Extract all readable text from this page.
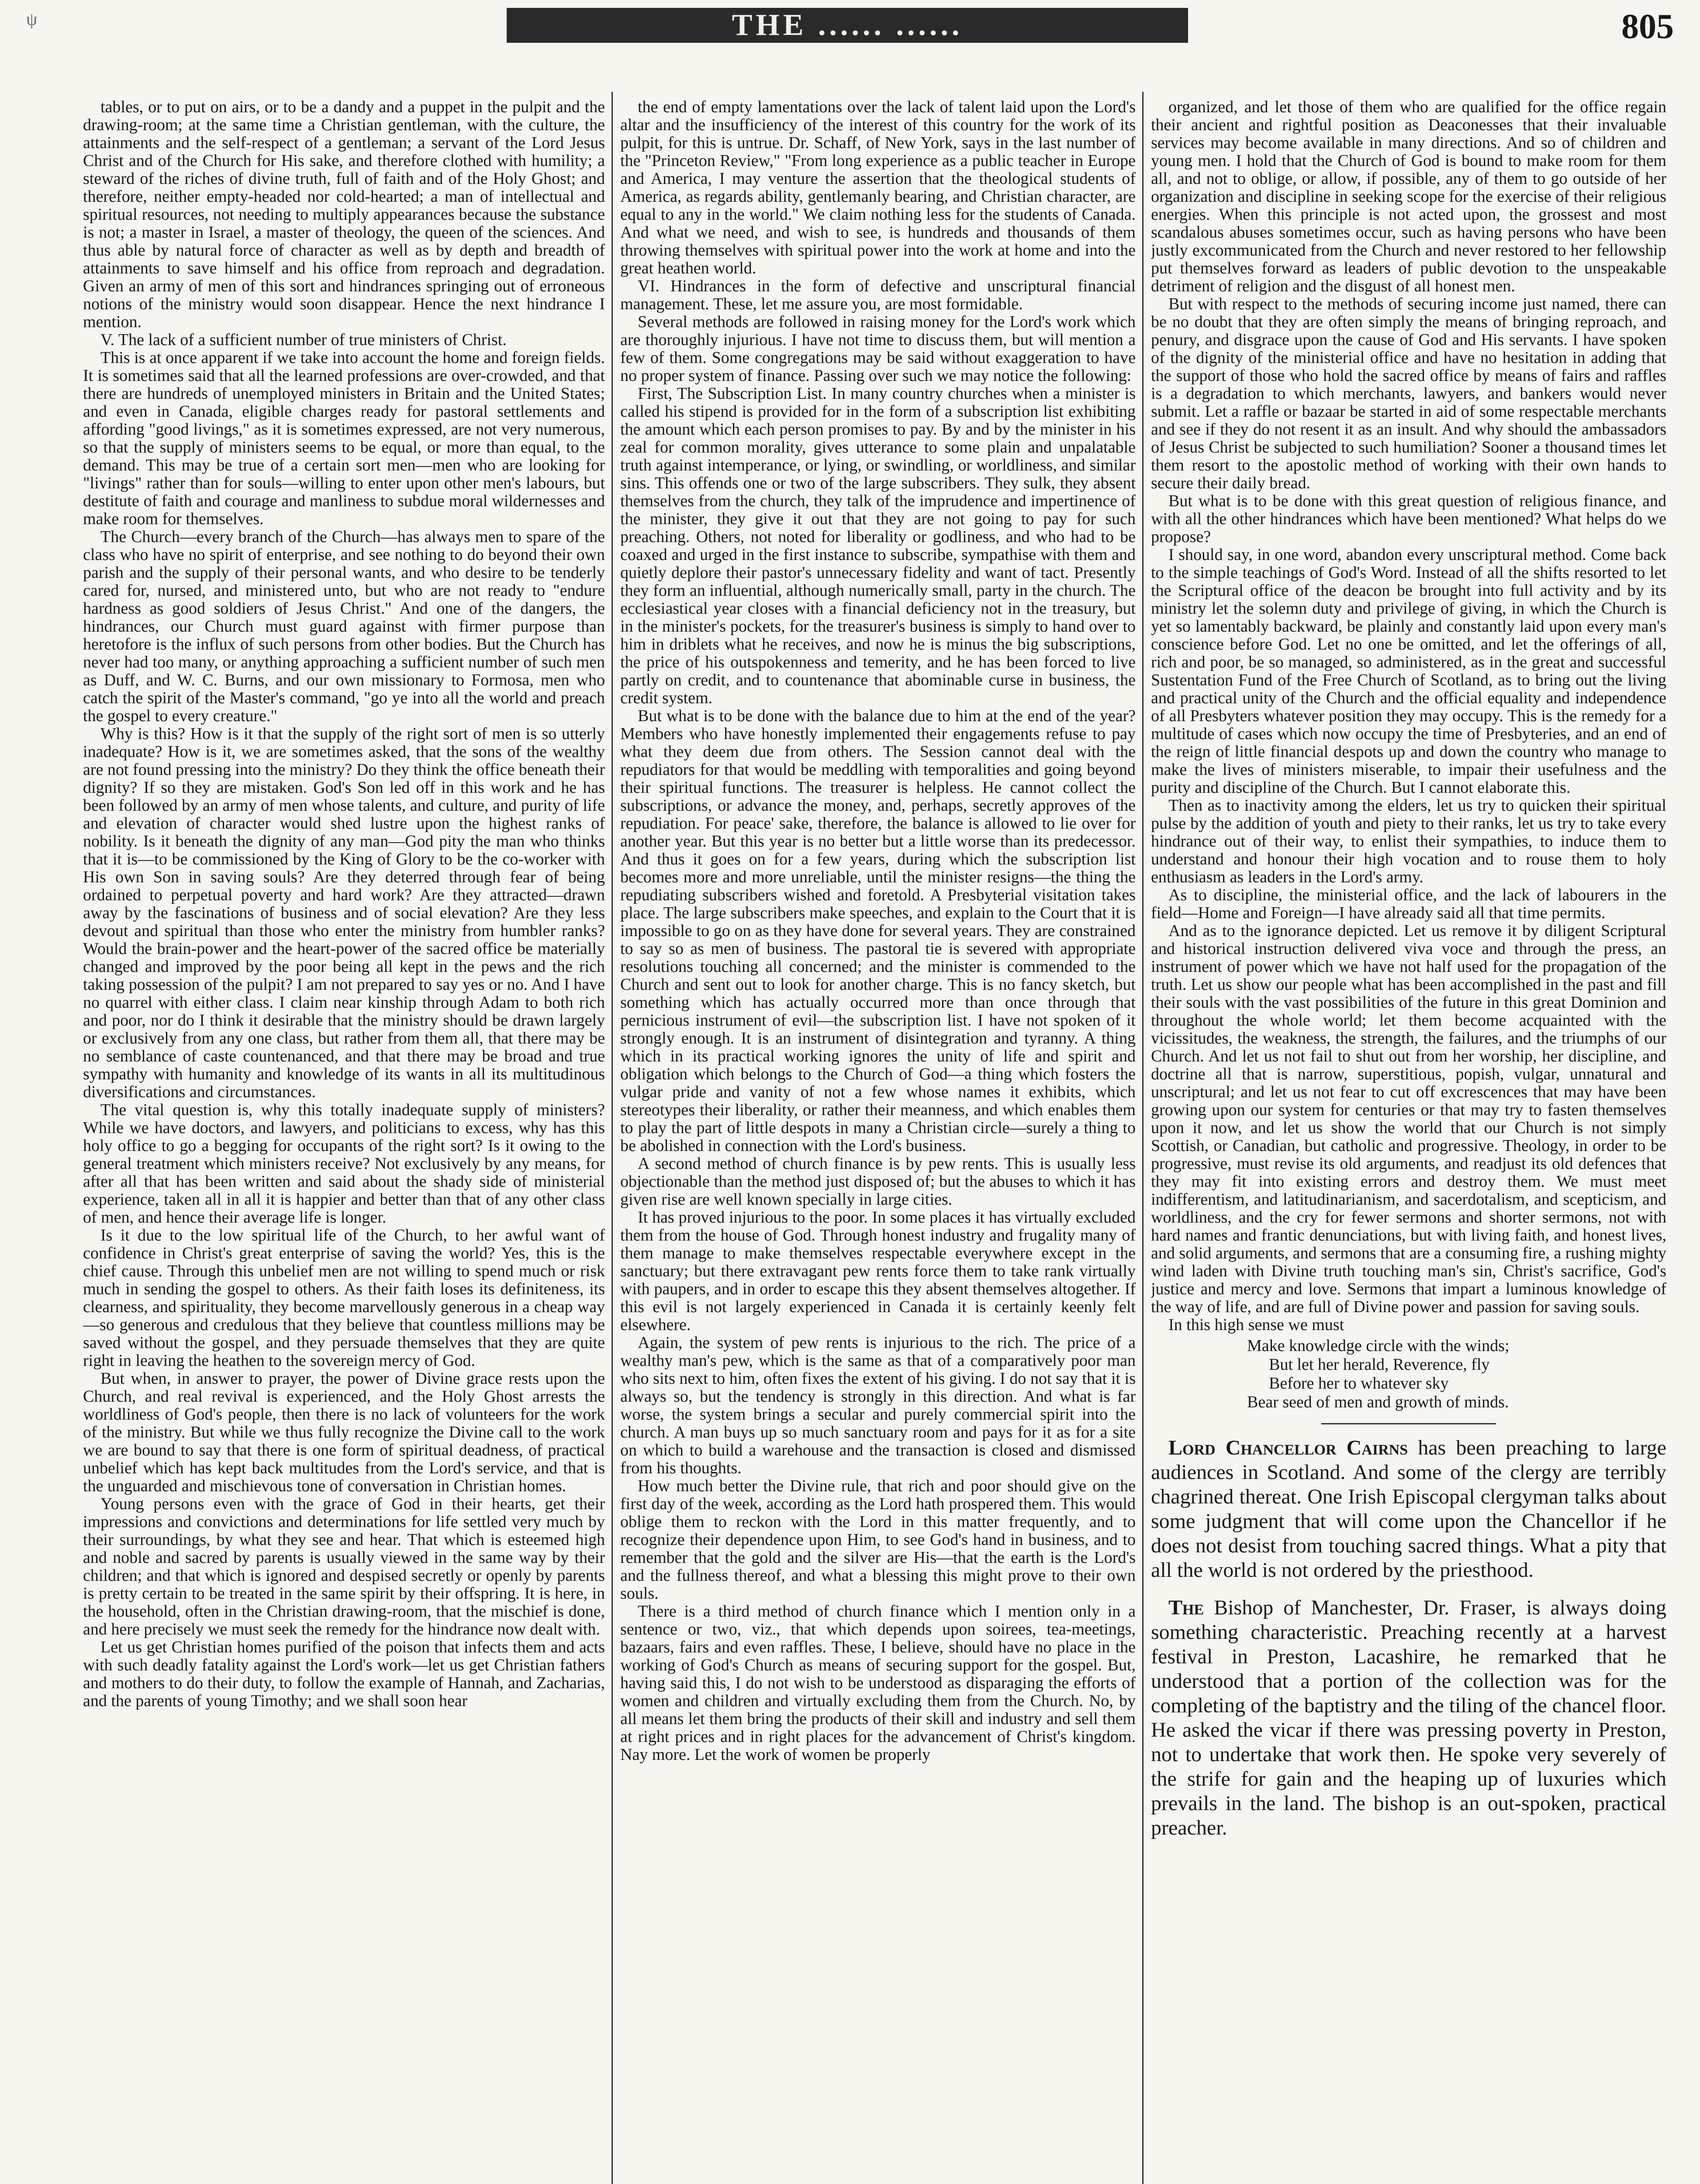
ψ	THE ...... ......	805

tables, or to put on airs, or to be a dandy and a puppet in the pulpit and the drawing-room; at the same time a Christian gentleman, with the culture, the attainments and the self-respect of a gentleman; a servant of the Lord Jesus Christ and of the Church for His sake, and therefore clothed with humility; a steward of the riches of divine truth, full of faith and of the Holy Ghost; and therefore, neither empty-headed nor cold-hearted; a man of intellectual and spiritual resources, not needing to multiply appearances because the substance is not; a master in Israel, a master of theology, the queen of the sciences. And thus able by natural force of character as well as by depth and breadth of attainments to save himself and his office from reproach and degradation. Given an army of men of this sort and hindrances springing out of erroneous notions of the ministry would soon disappear. Hence the next hindrance I mention.

V. The lack of a sufficient number of true ministers of Christ.

This is at once apparent if we take into account the home and foreign fields. It is sometimes said that all the learned professions are over-crowded, and that there are hundreds of unemployed ministers in Britain and the United States; and even in Canada, eligible charges ready for pastoral settlements and affording "good livings," as it is sometimes expressed, are not very numerous, so that the supply of ministers seems to be equal, or more than equal, to the demand. This may be true of a certain sort men—men who are looking for "livings" rather than for souls—willing to enter upon other men's labours, but destitute of faith and courage and manliness to subdue moral wildernesses and make room for themselves.

The Church—every branch of the Church—has always men to spare of the class who have no spirit of enterprise, and see nothing to do beyond their own parish and the supply of their personal wants, and who desire to be tenderly cared for, nursed, and ministered unto, but who are not ready to "endure hardness as good soldiers of Jesus Christ." And one of the dangers, the hindrances, our Church must guard against with firmer purpose than heretofore is the influx of such persons from other bodies. But the Church has never had too many, or anything approaching a sufficient number of such men as Duff, and W. C. Burns, and our own missionary to Formosa, men who catch the spirit of the Master's command, "go ye into all the world and preach the gospel to every creature."

Why is this? How is it that the supply of the right sort of men is so utterly inadequate? How is it, we are sometimes asked, that the sons of the wealthy are not found pressing into the ministry? Do they think the office beneath their dignity? If so they are mistaken. God's Son led off in this work and he has been followed by an army of men whose talents, and culture, and purity of life and elevation of character would shed lustre upon the highest ranks of nobility. Is it beneath the dignity of any man—God pity the man who thinks that it is—to be commissioned by the King of Glory to be the co-worker with His own Son in saving souls? Are they deterred through fear of being ordained to perpetual poverty and hard work? Are they attracted—drawn away by the fascinations of business and of social elevation? Are they less devout and spiritual than those who enter the ministry from humbler ranks? Would the brain-power and the heart-power of the sacred office be materially changed and improved by the poor being all kept in the pews and the rich taking possession of the pulpit? I am not prepared to say yes or no. And I have no quarrel with either class. I claim near kinship through Adam to both rich and poor, nor do I think it desirable that the ministry should be drawn largely or exclusively from any one class, but rather from them all, that there may be no semblance of caste countenanced, and that there may be broad and true sympathy with humanity and knowledge of its wants in all its multitudinous diversifications and circumstances.

The vital question is, why this totally inadequate supply of ministers? While we have doctors, and lawyers, and politicians to excess, why has this holy office to go a begging for occupants of the right sort? Is it owing to the general treatment which ministers receive? Not exclusively by any means, for after all that has been written and said about the shady side of ministerial experience, taken all in all it is happier and better than that of any other class of men, and hence their average life is longer.

Is it due to the low spiritual life of the Church, to her awful want of confidence in Christ's great enterprise of saving the world? Yes, this is the chief cause. Through this unbelief men are not willing to spend much or risk much in sending the gospel to others. As their faith loses its definiteness, its clearness, and spirituality, they become marvellously generous in a cheap way—so generous and credulous that they believe that countless millions may be saved without the gospel, and they persuade themselves that they are quite right in leaving the heathen to the sovereign mercy of God.

But when, in answer to prayer, the power of Divine grace rests upon the Church, and real revival is experienced, and the Holy Ghost arrests the worldliness of God's people, then there is no lack of volunteers for the work of the ministry. But while we thus fully recognize the Divine call to the work we are bound to say that there is one form of spiritual deadness, of practical unbelief which has kept back multitudes from the Lord's service, and that is the unguarded and mischievous tone of conversation in Christian homes.

Young persons even with the grace of God in their hearts, get their impressions and convictions and determinations for life settled very much by their surroundings, by what they see and hear. That which is esteemed high and noble and sacred by parents is usually viewed in the same way by their children; and that which is ignored and despised secretly or openly by parents is pretty certain to be treated in the same spirit by their offspring. It is here, in the household, often in the Christian drawing-room, that the mischief is done, and here precisely we must seek the remedy for the hindrance now dealt with.

Let us get Christian homes purified of the poison that infects them and acts with such deadly fatality against the Lord's work—let us get Christian fathers and mothers to do their duty, to follow the example of Hannah, and Zacharias, and the parents of young Timothy; and we shall soon hear

the end of empty lamentations over the lack of talent laid upon the Lord's altar and the insufficiency of the interest of this country for the work of its pulpit, for this is untrue. Dr. Schaff, of New York, says in the last number of the "Princeton Review," "From long experience as a public teacher in Europe and America, I may venture the assertion that the theological students of America, as regards ability, gentlemanly bearing, and Christian character, are equal to any in the world." We claim nothing less for the students of Canada. And what we need, and wish to see, is hundreds and thousands of them throwing themselves with spiritual power into the work at home and into the great heathen world.

VI. Hindrances in the form of defective and unscriptural financial management. These, let me assure you, are most formidable.

Several methods are followed in raising money for the Lord's work which are thoroughly injurious. I have not time to discuss them, but will mention a few of them. Some congregations may be said without exaggeration to have no proper system of finance. Passing over such we may notice the following:

First, The Subscription List. In many country churches when a minister is called his stipend is provided for in the form of a subscription list exhibiting the amount which each person promises to pay. By and by the minister in his zeal for common morality, gives utterance to some plain and unpalatable truth against intemperance, or lying, or swindling, or worldliness, and similar sins. This offends one or two of the large subscribers. They sulk, they absent themselves from the church, they talk of the imprudence and impertinence of the minister, they give it out that they are not going to pay for such preaching. Others, not noted for liberality or godliness, and who had to be coaxed and urged in the first instance to subscribe, sympathise with them and quietly deplore their pastor's unnecessary fidelity and want of tact. Presently they form an influential, although numerically small, party in the church. The ecclesiastical year closes with a financial deficiency not in the treasury, but in the minister's pockets, for the treasurer's business is simply to hand over to him in driblets what he receives, and now he is minus the big subscriptions, the price of his outspokenness and temerity, and he has been forced to live partly on credit, and to countenance that abominable curse in business, the credit system.

But what is to be done with the balance due to him at the end of the year? Members who have honestly implemented their engagements refuse to pay what they deem due from others. The Session cannot deal with the repudiators for that would be meddling with temporalities and going beyond their spiritual functions. The treasurer is helpless. He cannot collect the subscriptions, or advance the money, and, perhaps, secretly approves of the repudiation. For peace' sake, therefore, the balance is allowed to lie over for another year. But this year is no better but a little worse than its predecessor. And thus it goes on for a few years, during which the subscription list becomes more and more unreliable, until the minister resigns—the thing the repudiating subscribers wished and foretold. A Presbyterial visitation takes place. The large subscribers make speeches, and explain to the Court that it is impossible to go on as they have done for several years. They are constrained to say so as men of business. The pastoral tie is severed with appropriate resolutions touching all concerned; and the minister is commended to the Church and sent out to look for another charge. This is no fancy sketch, but something which has actually occurred more than once through that pernicious instrument of evil—the subscription list. I have not spoken of it strongly enough. It is an instrument of disintegration and tyranny. A thing which in its practical working ignores the unity of life and spirit and obligation which belongs to the Church of God—a thing which fosters the vulgar pride and vanity of not a few whose names it exhibits, which stereotypes their liberality, or rather their meanness, and which enables them to play the part of little despots in many a Christian circle—surely a thing to be abolished in connection with the Lord's business.

A second method of church finance is by pew rents. This is usually less objectionable than the method just disposed of; but the abuses to which it has given rise are well known specially in large cities.

It has proved injurious to the poor. In some places it has virtually excluded them from the house of God. Through honest industry and frugality many of them manage to make themselves respectable everywhere except in the sanctuary; but there extravagant pew rents force them to take rank virtually with paupers, and in order to escape this they absent themselves altogether. If this evil is not largely experienced in Canada it is certainly keenly felt elsewhere.

Again, the system of pew rents is injurious to the rich. The price of a wealthy man's pew, which is the same as that of a comparatively poor man who sits next to him, often fixes the extent of his giving. I do not say that it is always so, but the tendency is strongly in this direction. And what is far worse, the system brings a secular and purely commercial spirit into the church. A man buys up so much sanctuary room and pays for it as for a site on which to build a warehouse and the transaction is closed and dismissed from his thoughts.

How much better the Divine rule, that rich and poor should give on the first day of the week, according as the Lord hath prospered them. This would oblige them to reckon with the Lord in this matter frequently, and to recognize their dependence upon Him, to see God's hand in business, and to remember that the gold and the silver are His—that the earth is the Lord's and the fullness thereof, and what a blessing this might prove to their own souls.

There is a third method of church finance which I mention only in a sentence or two, viz., that which depends upon soirees, tea-meetings, bazaars, fairs and even raffles. These, I believe, should have no place in the working of God's Church as means of securing support for the gospel. But, having said this, I do not wish to be understood as disparaging the efforts of women and children and virtually excluding them from the Church. No, by all means let them bring the products of their skill and industry and sell them at right prices and in right places for the advancement of Christ's kingdom. Nay more. Let the work of women be properly

organized, and let those of them who are qualified for the office regain their ancient and rightful position as Deaconesses that their invaluable services may become available in many directions. And so of children and young men. I hold that the Church of God is bound to make room for them all, and not to oblige, or allow, if possible, any of them to go outside of her organization and discipline in seeking scope for the exercise of their religious energies. When this principle is not acted upon, the grossest and most scandalous abuses sometimes occur, such as having persons who have been justly excommunicated from the Church and never restored to her fellowship put themselves forward as leaders of public devotion to the unspeakable detriment of religion and the disgust of all honest men.

But with respect to the methods of securing income just named, there can be no doubt that they are often simply the means of bringing reproach, and penury, and disgrace upon the cause of God and His servants. I have spoken of the dignity of the ministerial office and have no hesitation in adding that the support of those who hold the sacred office by means of fairs and raffles is a degradation to which merchants, lawyers, and bankers would never submit. Let a raffle or bazaar be started in aid of some respectable merchants and see if they do not resent it as an insult. And why should the ambassadors of Jesus Christ be subjected to such humiliation? Sooner a thousand times let them resort to the apostolic method of working with their own hands to secure their daily bread.

But what is to be done with this great question of religious finance, and with all the other hindrances which have been mentioned? What helps do we propose?

I should say, in one word, abandon every unscriptural method. Come back to the simple teachings of God's Word. Instead of all the shifts resorted to let the Scriptural office of the deacon be brought into full activity and by its ministry let the solemn duty and privilege of giving, in which the Church is yet so lamentably backward, be plainly and constantly laid upon every man's conscience before God. Let no one be omitted, and let the offerings of all, rich and poor, be so managed, so administered, as in the great and successful Sustentation Fund of the Free Church of Scotland, as to bring out the living and practical unity of the Church and the official equality and independence of all Presbyters whatever position they may occupy. This is the remedy for a multitude of cases which now occupy the time of Presbyteries, and an end of the reign of little financial despots up and down the country who manage to make the lives of ministers miserable, to impair their usefulness and the purity and discipline of the Church. But I cannot elaborate this.

Then as to inactivity among the elders, let us try to quicken their spiritual pulse by the addition of youth and piety to their ranks, let us try to take every hindrance out of their way, to enlist their sympathies, to induce them to understand and honour their high vocation and to rouse them to holy enthusiasm as leaders in the Lord's army.

As to discipline, the ministerial office, and the lack of labourers in the field—Home and Foreign—I have already said all that time permits.

And as to the ignorance depicted. Let us remove it by diligent Scriptural and historical instruction delivered viva voce and through the press, an instrument of power which we have not half used for the propagation of the truth. Let us show our people what has been accomplished in the past and fill their souls with the vast possibilities of the future in this great Dominion and throughout the whole world; let them become acquainted with the vicissitudes, the weakness, the strength, the failures, and the triumphs of our Church. And let us not fail to shut out from her worship, her discipline, and doctrine all that is narrow, superstitious, popish, vulgar, unnatural and unscriptural; and let us not fear to cut off excrescences that may have been growing upon our system for centuries or that may try to fasten themselves upon it now, and let us show the world that our Church is not simply Scottish, or Canadian, but catholic and progressive. Theology, in order to be progressive, must revise its old arguments, and readjust its old defences that they may fit into existing errors and destroy them. We must meet indifferentism, and latitudinarianism, and sacerdotalism, and scepticism, and worldliness, and the cry for fewer sermons and shorter sermons, not with hard names and frantic denunciations, but with living faith, and honest lives, and solid arguments, and sermons that are a consuming fire, a rushing mighty wind laden with Divine truth touching man's sin, Christ's sacrifice, God's justice and mercy and love. Sermons that impart a luminous knowledge of the way of life, and are full of Divine power and passion for saving souls.

In this high sense we must

Make knowledge circle with the winds;
But let her herald, Reverence, fly
Before her to whatever sky
Bear seed of men and growth of minds.

Lord Chancellor Cairns has been preaching to large audiences in Scotland. And some of the clergy are terribly chagrined thereat. One Irish Episcopal clergyman talks about some judgment that will come upon the Chancellor if he does not desist from touching sacred things. What a pity that all the world is not ordered by the priesthood.

The Bishop of Manchester, Dr. Fraser, is always doing something characteristic. Preaching recently at a harvest festival in Preston, Lacashire, he remarked that he understood that a portion of the collection was for the completing of the baptistry and the tiling of the chancel floor. He asked the vicar if there was pressing poverty in Preston, not to undertake that work then. He spoke very severely of the strife for gain and the heaping up of luxuries which prevails in the land. The bishop is an out-spoken, practical preacher.
